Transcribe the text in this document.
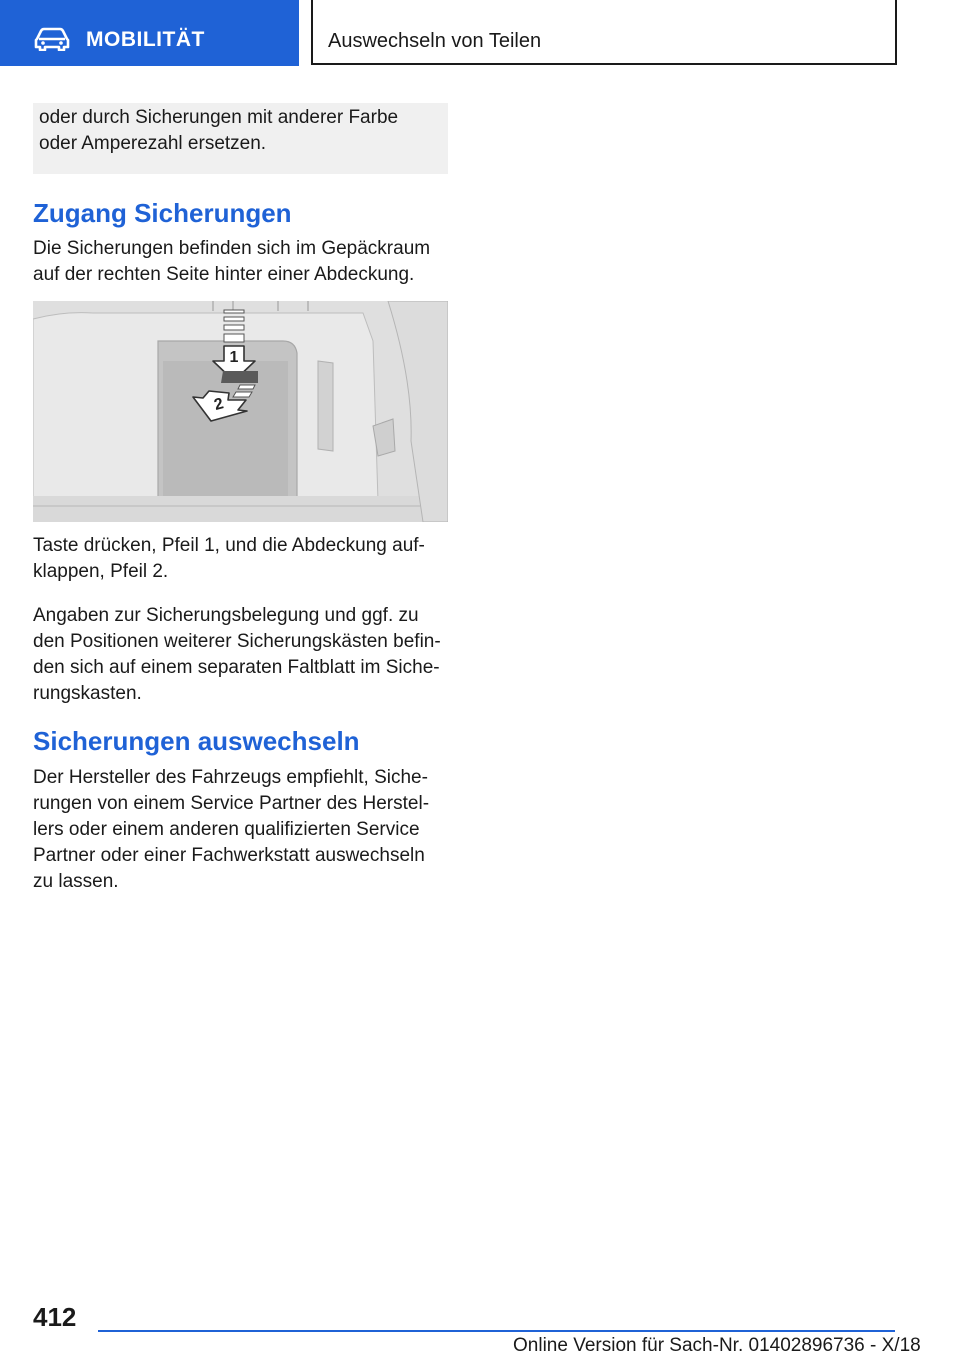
MOBILITÄT	Auswechseln von Teilen
oder durch Sicherungen mit anderer Farbe oder Amperezahl ersetzen.
Zugang Sicherungen
Die Sicherungen befinden sich im Gepäckraum auf der rechten Seite hinter einer Abdeckung.
1
2
Taste drücken, Pfeil 1, und die Abdeckung auf-klappen, Pfeil 2.
Angaben zur Sicherungsbelegung und ggf. zu den Positionen weiterer Sicherungskästen befin-den sich auf einem separaten Faltblatt im Siche-rungskasten.
Sicherungen auswechseln
Der Hersteller des Fahrzeugs empfiehlt, Siche-rungen von einem Service Partner des Herstel-lers oder einem anderen qualifizierten Service Partner oder einer Fachwerkstatt auswechseln zu lassen.
412
Online Version für Sach-Nr. 01402896736 - X/18
